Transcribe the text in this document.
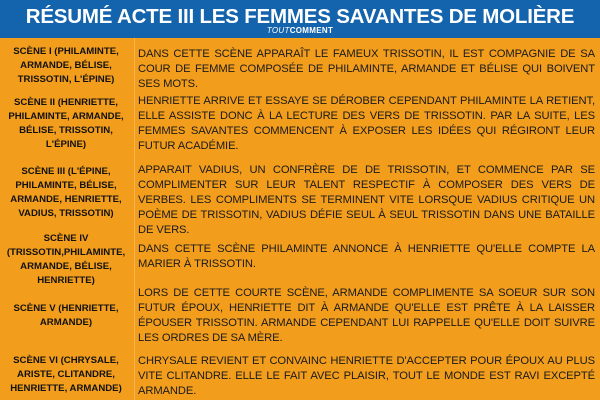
RÉSUMÉ ACTE III LES FEMMES SAVANTES DE MOLIÈRE
TOUTCOMMENT
SCÈNE I (PHILAMINTE, ARMANDE, BÉLISE, TRISSOTIN, L'ÉPINE)
DANS CETTE SCÈNE APPARAÎT LE FAMEUX TRISSOTIN, IL EST COMPAGNIE DE SA COUR DE FEMME COMPOSÉE DE PHILAMINTE, ARMANDE ET BÉLISE QUI BOIVENT SES MOTS.
SCÈNE II (HENRIETTE, PHILAMINTE, ARMANDE, BÉLISE, TRISSOTIN, L'ÉPINE)
HENRIETTE ARRIVE ET ESSAYE SE DÉROBER CEPENDANT PHILAMINTE LA RETIENT, ELLE ASSISTE DONC À LA LECTURE DES VERS DE TRISSOTIN. PAR LA SUITE, LES FEMMES SAVANTES COMMENCENT À EXPOSER LES IDÉES QUI RÉGIRONT LEUR FUTUR ACADÉMIE.
SCÈNE III (L'ÉPINE, PHILAMINTE, BÉLISE, ARMANDE, HENRIETTE, VADIUS, TRISSOTIN)
APPARAIT VADIUS, UN CONFRÈRE DE DE TRISSOTIN, ET COMMENCE PAR SE COMPLIMENTER SUR LEUR TALENT RESPECTIF À COMPOSER DES VERS DE VERBES. LES COMPLIMENTS SE TERMINENT VITE LORSQUE VADIUS CRITIQUE UN POÈME DE TRISSOTIN, VADIUS DÉFIE SEUL À SEUL TRISSOTIN DANS UNE BATAILLE DE VERS.
SCÈNE IV (TRISSOTIN,PHILAMINTE, ARMANDE, BÉLISE, HENRIETTE)
DANS CETTE SCÈNE PHILAMINTE ANNONCE À HENRIETTE QU'ELLE COMPTE LA MARIER À TRISSOTIN.
SCÈNE V (HENRIETTE, ARMANDE)
LORS DE CETTE COURTE SCÈNE, ARMANDE COMPLIMENTE SA SOEUR SUR SON FUTUR ÉPOUX, HENRIETTE DIT À ARMANDE QU'ELLE EST PRÊTE À LA LAISSER ÉPOUSER TRISSOTIN. ARMANDE CEPENDANT LUI RAPPELLE QU'ELLE DOIT SUIVRE LES ORDRES DE SA MÈRE.
SCÈNE VI (CHRYSALE, ARISTE, CLITANDRE, HENRIETTE, ARMANDE)
CHRYSALE REVIENT ET CONVAINC HENRIETTE D'ACCEPTER POUR ÉPOUX AU PLUS VITE CLITANDRE. ELLE LE FAIT AVEC PLAISIR, TOUT LE MONDE EST RAVI EXCEPTÉ ARMANDE.
